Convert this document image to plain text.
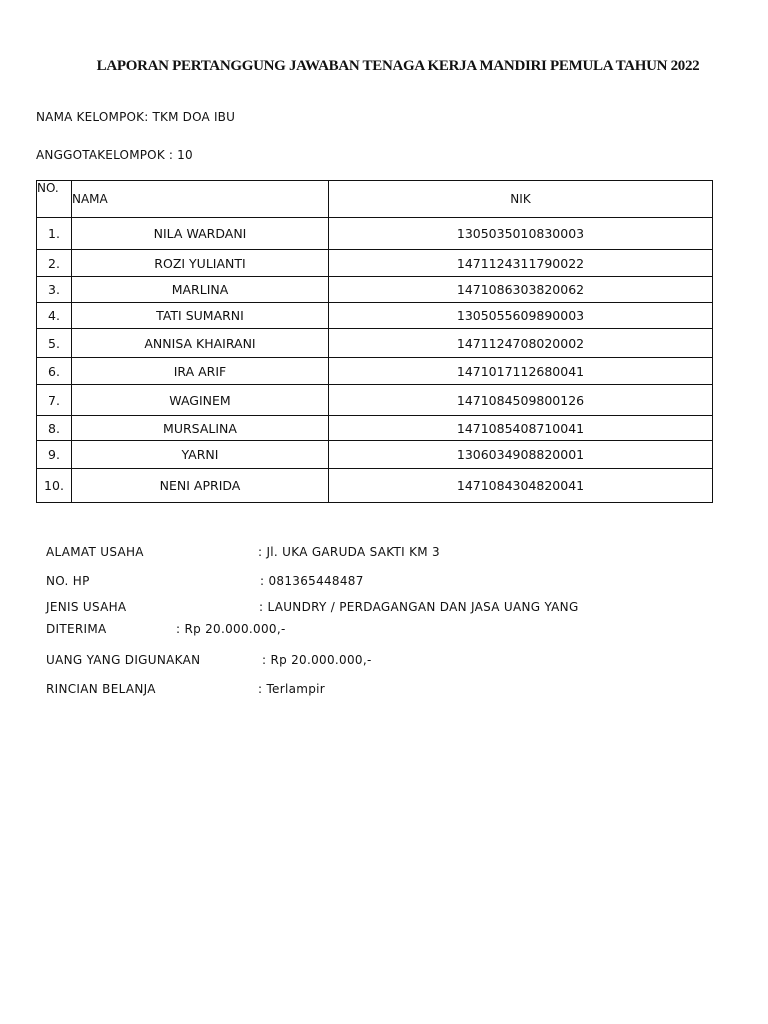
LAPORAN PERTANGGUNG JAWABAN TENAGA KERJA MANDIRI PEMULA TAHUN 2022
NAMA KELOMPOK: TKM DOA IBU
ANGGOTAKELOMPOK : 10
NO.	NAMA	NIK
1.	NILA WARDANI	1305035010830003
2.	ROZI YULIANTI	1471124311790022
3.	MARLINA	1471086303820062
4.	TATI SUMARNI	1305055609890003
5.	ANNISA KHAIRANI	1471124708020002
6.	IRA ARIF	1471017112680041
7.	WAGINEM	1471084509800126
8.	MURSALINA	1471085408710041
9.	YARNI	1306034908820001
10.	NENI APRIDA	1471084304820041
ALAMAT USAHA	: Jl. UKA GARUDA SAKTI KM 3
NO. HP	: 081365448487
JENIS USAHA	: LAUNDRY / PERDAGANGAN DAN JASA UANG YANG
DITERIMA	: Rp 20.000.000,-
UANG YANG DIGUNAKAN	: Rp 20.000.000,-
RINCIAN BELANJA	: Terlampir
